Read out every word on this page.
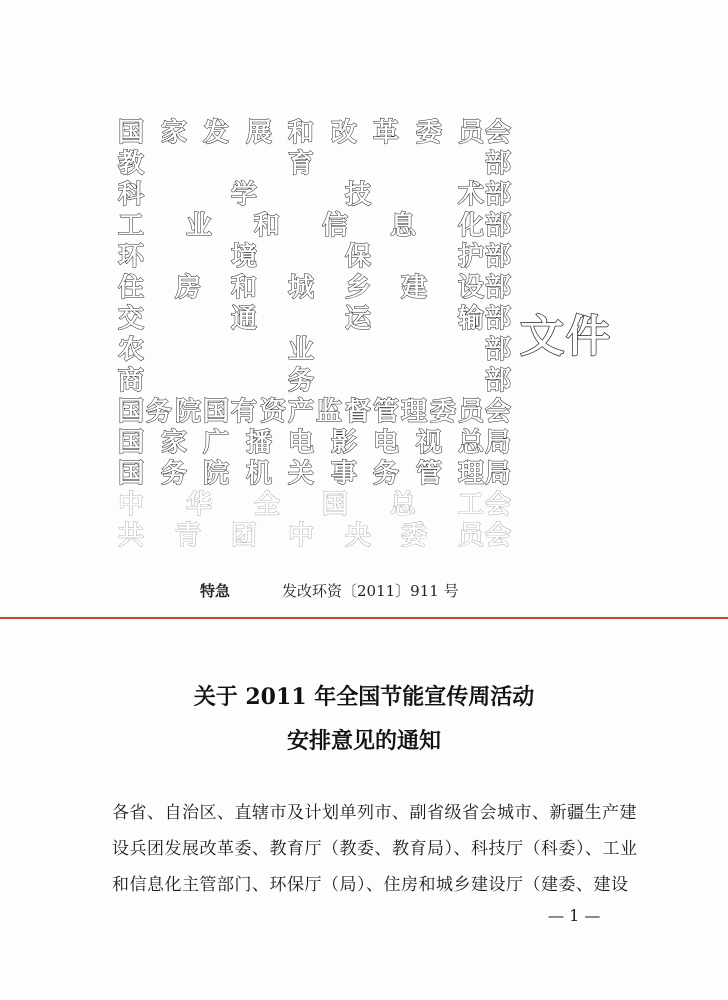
国 家 发 展 和 改 革 委 员 会
教	育	部
科	学	技	术 部
工 业 和 信 息 化 部
环	境	保	护 部
住 房 和 城 乡 建 设 部
交	通	运	输 部
农	业	部
商	务	部
国 务 院 国 有 资 产 监 督 管 理 委 员 会
国 家 广 播 电 影 电 视 总 局
国 务 院 机 关 事 务 管 理 局
中 华 全 国 总 工 会
共 青 团 中 央 委 员 会
文件
特急	发改环资〔2011〕911 号
关于 2011 年全国节能宣传周活动
安排意见的通知
各省、自治区、直辖市及计划单列市、副省级省会城市、新疆生产建
设兵团发展改革委、教育厅（教委、教育局）、科技厅（科委）、工业
和信息化主管部门、环保厅（局）、住房和城乡建设厅（建委、建设
— 1 —
